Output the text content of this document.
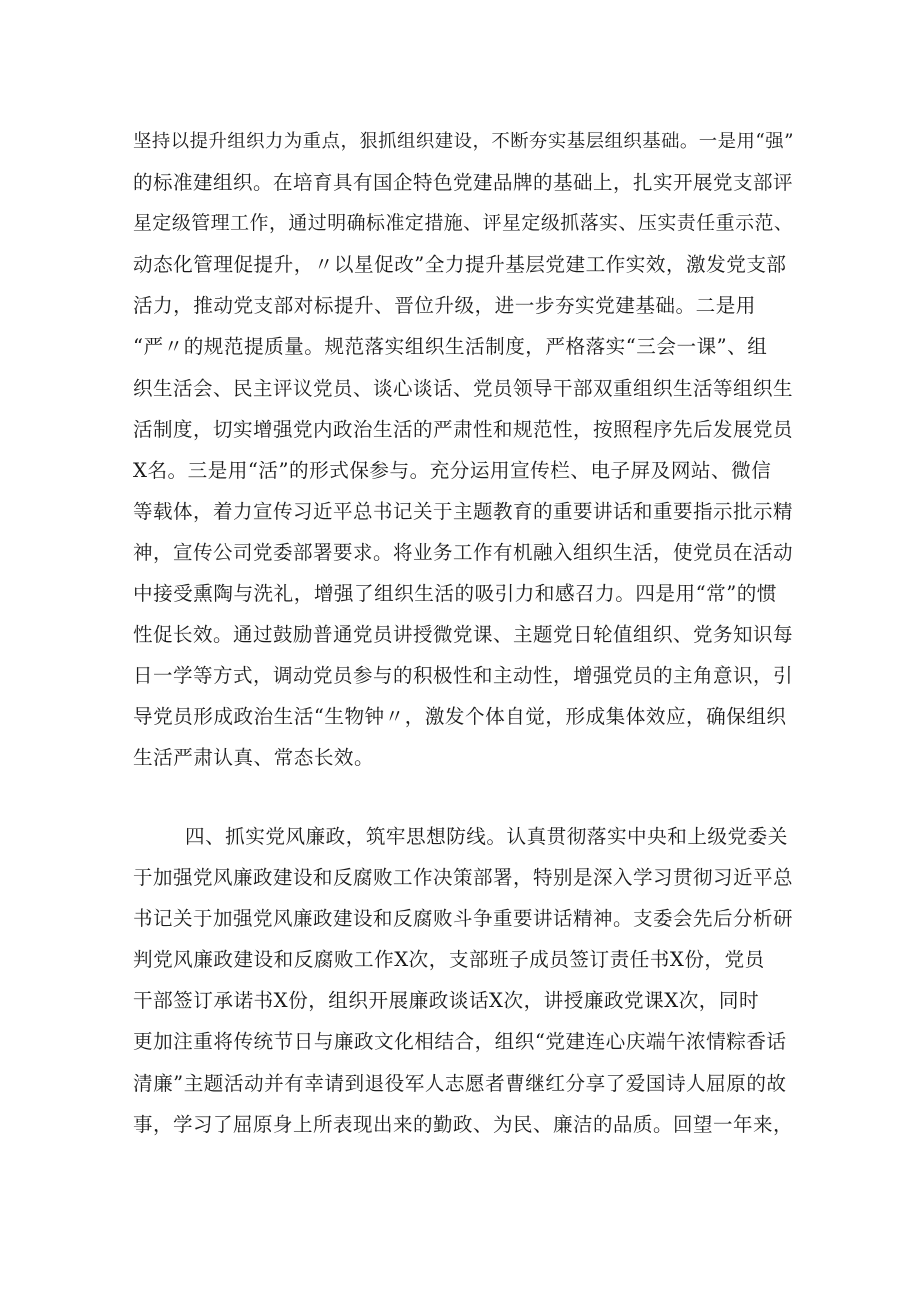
坚持以提升组织力为重点，狠抓组织建设，不断夯实基层组织基础。一是用“强”
的标准建组织。在培育具有国企特色党建品牌的基础上，扎实开展党支部评
星定级管理工作，通过明确标准定措施、评星定级抓落实、压实责任重示范、
动态化管理促提升，〃以星促改”全力提升基层党建工作实效，激发党支部
活力，推动党支部对标提升、晋位升级，进一步夯实党建基础。二是用
“严〃的规范提质量。规范落实组织生活制度，严格落实“三会一课”、组
织生活会、民主评议党员、谈心谈话、党员领导干部双重组织生活等组织生
活制度，切实增强党内政治生活的严肃性和规范性，按照程序先后发展党员
X名。三是用“活”的形式保参与。充分运用宣传栏、电子屏及网站、微信
等载体，着力宣传习近平总书记关于主题教育的重要讲话和重要指示批示精
神，宣传公司党委部署要求。将业务工作有机融入组织生活，使党员在活动
中接受熏陶与洗礼，增强了组织生活的吸引力和感召力。四是用“常”的惯
性促长效。通过鼓励普通党员讲授微党课、主题党日轮值组织、党务知识每
日一学等方式，调动党员参与的积极性和主动性，增强党员的主角意识，引
导党员形成政治生活“生物钟〃，激发个体自觉，形成集体效应，确保组织
生活严肃认真、常态长效。
四、抓实党风廉政，筑牢思想防线。认真贯彻落实中央和上级党委关
于加强党风廉政建设和反腐败工作决策部署，特别是深入学习贯彻习近平总
书记关于加强党风廉政建设和反腐败斗争重要讲话精神。支委会先后分析研
判党风廉政建设和反腐败工作X次，支部班子成员签订责任书X份，党员
干部签订承诺书X份，组织开展廉政谈话X次，讲授廉政党课X次，同时
更加注重将传统节日与廉政文化相结合，组织“党建连心庆端午浓情粽香话
清廉”主题活动并有幸请到退役军人志愿者曹继红分享了爱国诗人屈原的故
事，学习了屈原身上所表现出来的勤政、为民、廉洁的品质。回望一年来，
